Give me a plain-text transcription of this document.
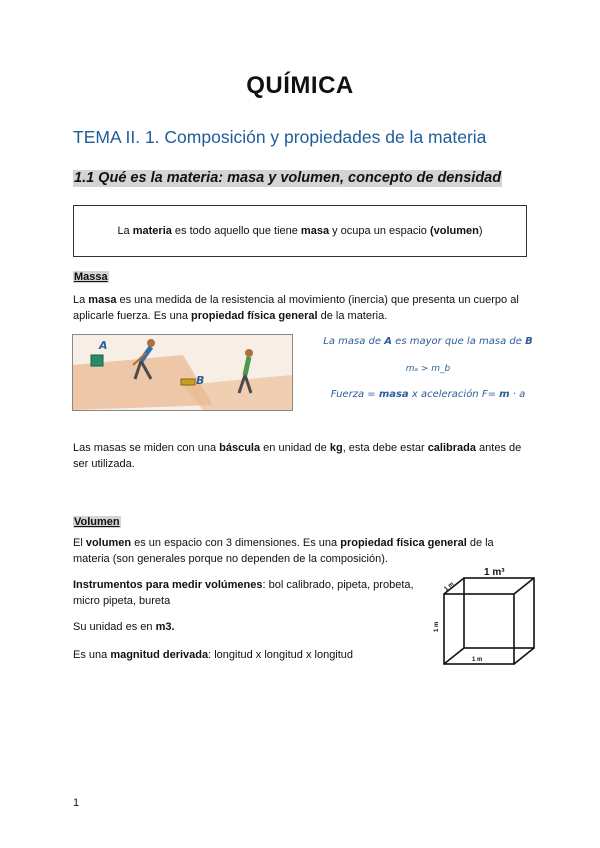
QUÍMICA
TEMA II. 1. Composición y propiedades de la materia
1.1 Qué es la materia: masa y volumen, concepto de densidad
La materia es todo aquello que tiene masa y ocupa un espacio (volumen)
Massa
La masa es una medida de la resistencia al movimiento (inercia) que presenta un cuerpo al aplicarle fuerza. Es una propiedad física general de la materia.
A
B
La masa de A es mayor que la masa de B
mₐ > m_b
Fuerza = masa x aceleración F= m · a
Las masas se miden con una báscula en unidad de kg, esta debe estar calibrada antes de ser utilizada.
Volumen
El volumen es un espacio con 3 dimensiones. Es una propiedad física general de la materia (son generales porque no dependen de la composición).
Instrumentos para medir volúmenes: bol calibrado, pipeta, probeta, micro pipeta, bureta
Su unidad es en m3.
Es una magnitud derivada: longitud x longitud x longitud
1 m³
1 m
1 m
1 m
1
